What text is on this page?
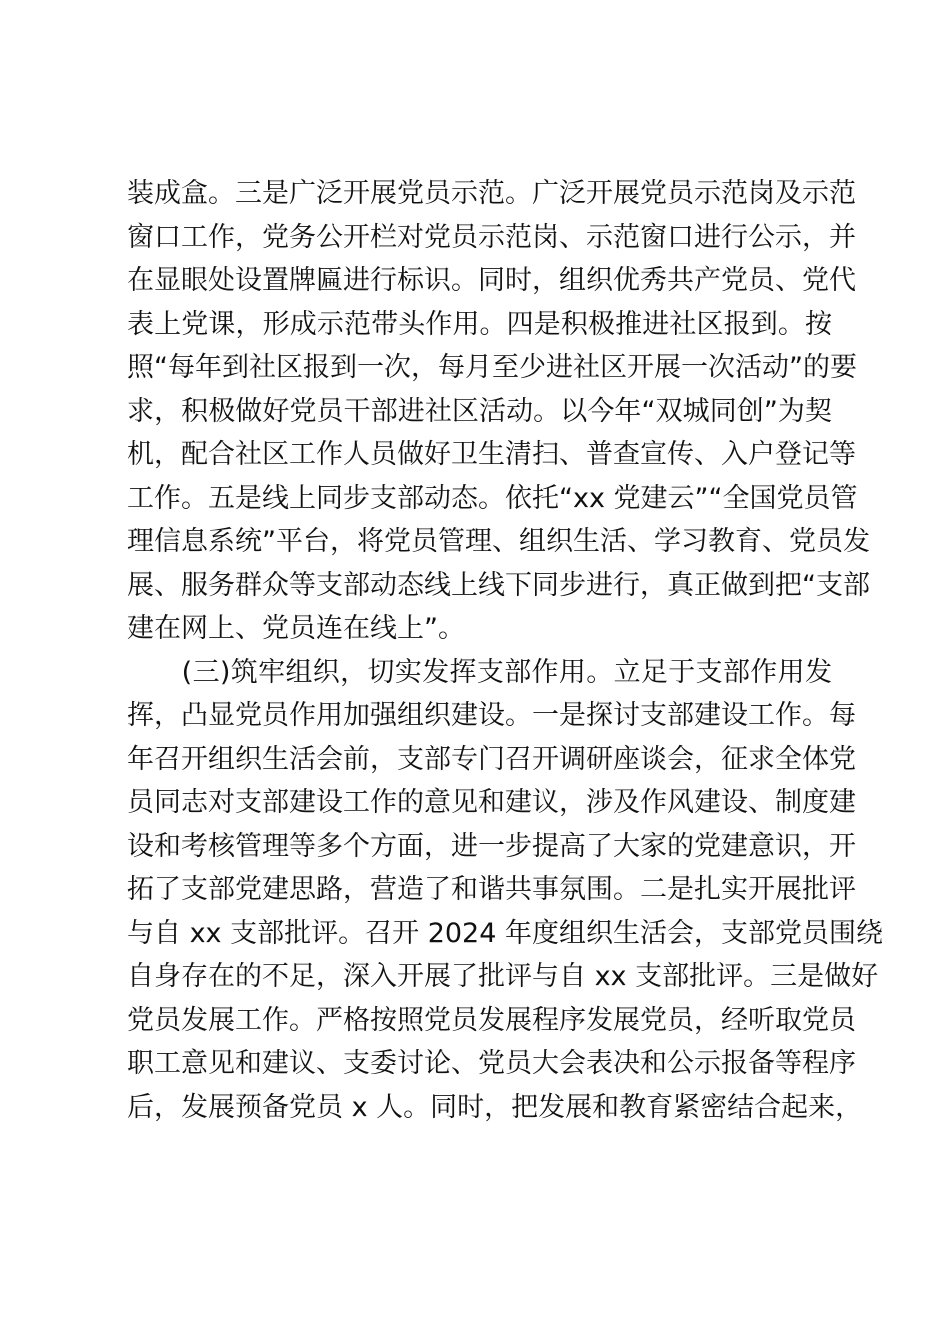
装成盒。三是广泛开展党员示范。广泛开展党员示范岗及示范
窗口工作，党务公开栏对党员示范岗、示范窗口进行公示，并
在显眼处设置牌匾进行标识。同时，组织优秀共产党员、党代
表上党课，形成示范带头作用。四是积极推进社区报到。按
照“每年到社区报到一次，每月至少进社区开展一次活动”的要
求，积极做好党员干部进社区活动。以今年“双城同创”为契
机，配合社区工作人员做好卫生清扫、普查宣传、入户登记等
工作。五是线上同步支部动态。依托“xx 党建云”“全国党员管
理信息系统”平台，将党员管理、组织生活、学习教育、党员发
展、服务群众等支部动态线上线下同步进行，真正做到把“支部
建在网上、党员连在线上”。
　　(三)筑牢组织，切实发挥支部作用。立足于支部作用发
挥，凸显党员作用加强组织建设。一是探讨支部建设工作。每
年召开组织生活会前，支部专门召开调研座谈会，征求全体党
员同志对支部建设工作的意见和建议，涉及作风建设、制度建
设和考核管理等多个方面，进一步提高了大家的党建意识，开
拓了支部党建思路，营造了和谐共事氛围。二是扎实开展批评
与自 xx 支部批评。召开 2024 年度组织生活会，支部党员围绕
自身存在的不足，深入开展了批评与自 xx 支部批评。三是做好
党员发展工作。严格按照党员发展程序发展党员，经听取党员
职工意见和建议、支委讨论、党员大会表决和公示报备等程序
后，发展预备党员 x 人。同时，把发展和教育紧密结合起来，
